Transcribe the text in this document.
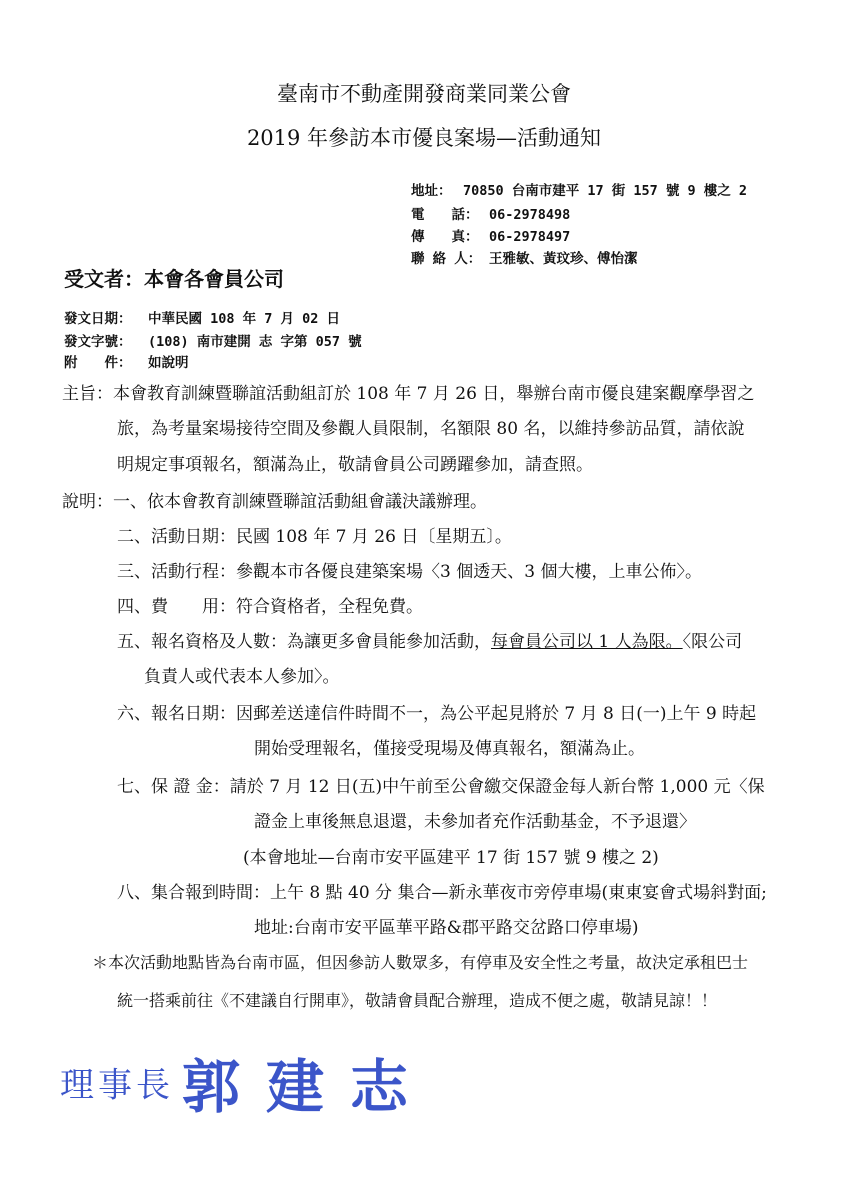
臺南市不動產開發商業同業公會
2019 年參訪本市優良案場—活動通知
地址： 70850 台南市建平 17 街 157 號 9 樓之 2
電　　話： 06-2978498
傳　　真： 06-2978497
聯 絡 人： 王雅敏、黃玟珍、傅怡潔
受文者：本會各會員公司
發文日期： 中華民國 108 年 7 月 02 日
發文字號： (108) 南市建開 志 字第 057 號
附　　件： 如說明
主旨：本會教育訓練暨聯誼活動組訂於 108 年 7 月 26 日，舉辦台南市優良建案觀摩學習之
旅，為考量案場接待空間及參觀人員限制，名額限 80 名，以維持參訪品質，請依說
明規定事項報名，額滿為止，敬請會員公司踴躍參加，請查照。
說明：一、依本會教育訓練暨聯誼活動組會議決議辦理。
二、活動日期：民國 108 年 7 月 26 日〔星期五〕。
三、活動行程：參觀本市各優良建築案場〈3 個透天、3 個大樓，上車公佈〉。
四、費　　用：符合資格者，全程免費。
五、報名資格及人數：為讓更多會員能參加活動，每會員公司以 1 人為限。〈限公司
負責人或代表本人參加〉。
六、報名日期：因郵差送達信件時間不一，為公平起見將於 7 月 8 日(一)上午 9 時起
開始受理報名，僅接受現場及傳真報名，額滿為止。
七、保 證 金：請於 7 月 12 日(五)中午前至公會繳交保證金每人新台幣 1,000 元〈保
證金上車後無息退還，未參加者充作活動基金，不予退還〉
(本會地址—台南市安平區建平 17 街 157 號 9 樓之 2)
八、集合報到時間：上午 8 點 40 分 集合—新永華夜市旁停車場(東東宴會式場斜對面;
地址:台南市安平區華平路&郡平路交岔路口停車場)
＊本次活動地點皆為台南市區，但因參訪人數眾多，有停車及安全性之考量，故決定承租巴士
統一搭乘前往《不建議自行開車》，敬請會員配合辦理，造成不便之處，敬請見諒！！
理事長 郭建志
